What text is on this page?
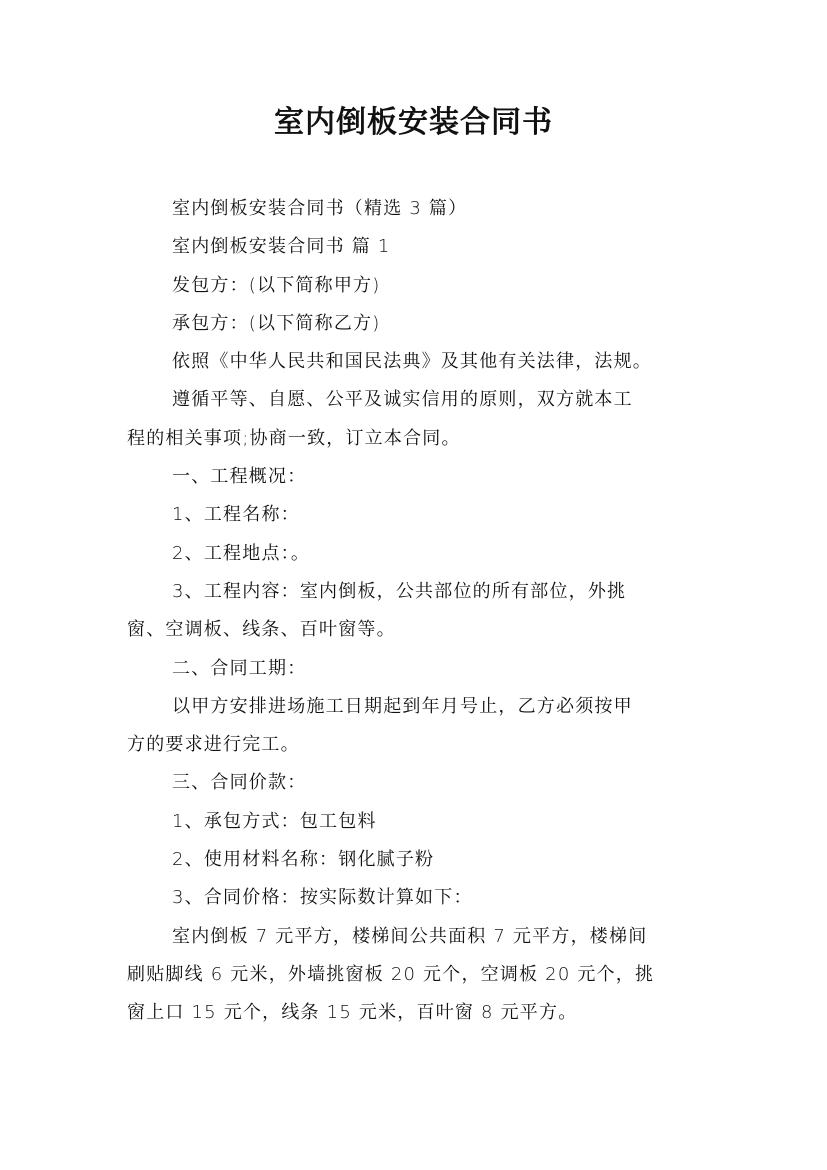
室内倒板安装合同书

室内倒板安装合同书（精选 3 篇）

室内倒板安装合同书 篇 1

发包方：(以下简称甲方)

承包方：(以下简称乙方)

依照《中华人民共和国民法典》及其他有关法律，法规。

遵循平等、自愿、公平及诚实信用的原则，双方就本工
程的相关事项;协商一致，订立本合同。

一、工程概况：

1、工程名称：

2、工程地点：。

3、工程内容：室内倒板，公共部位的所有部位，外挑
窗、空调板、线条、百叶窗等。

二、合同工期：

以甲方安排进场施工日期起到年月号止，乙方必须按甲
方的要求进行完工。

三、合同价款：

1、承包方式：包工包料

2、使用材料名称：钢化腻子粉

3、合同价格：按实际数计算如下：

室内倒板 7 元平方，楼梯间公共面积 7 元平方，楼梯间
刷贴脚线 6 元米，外墙挑窗板 20 元个，空调板 20 元个，挑
窗上口 15 元个，线条 15 元米，百叶窗 8 元平方。
